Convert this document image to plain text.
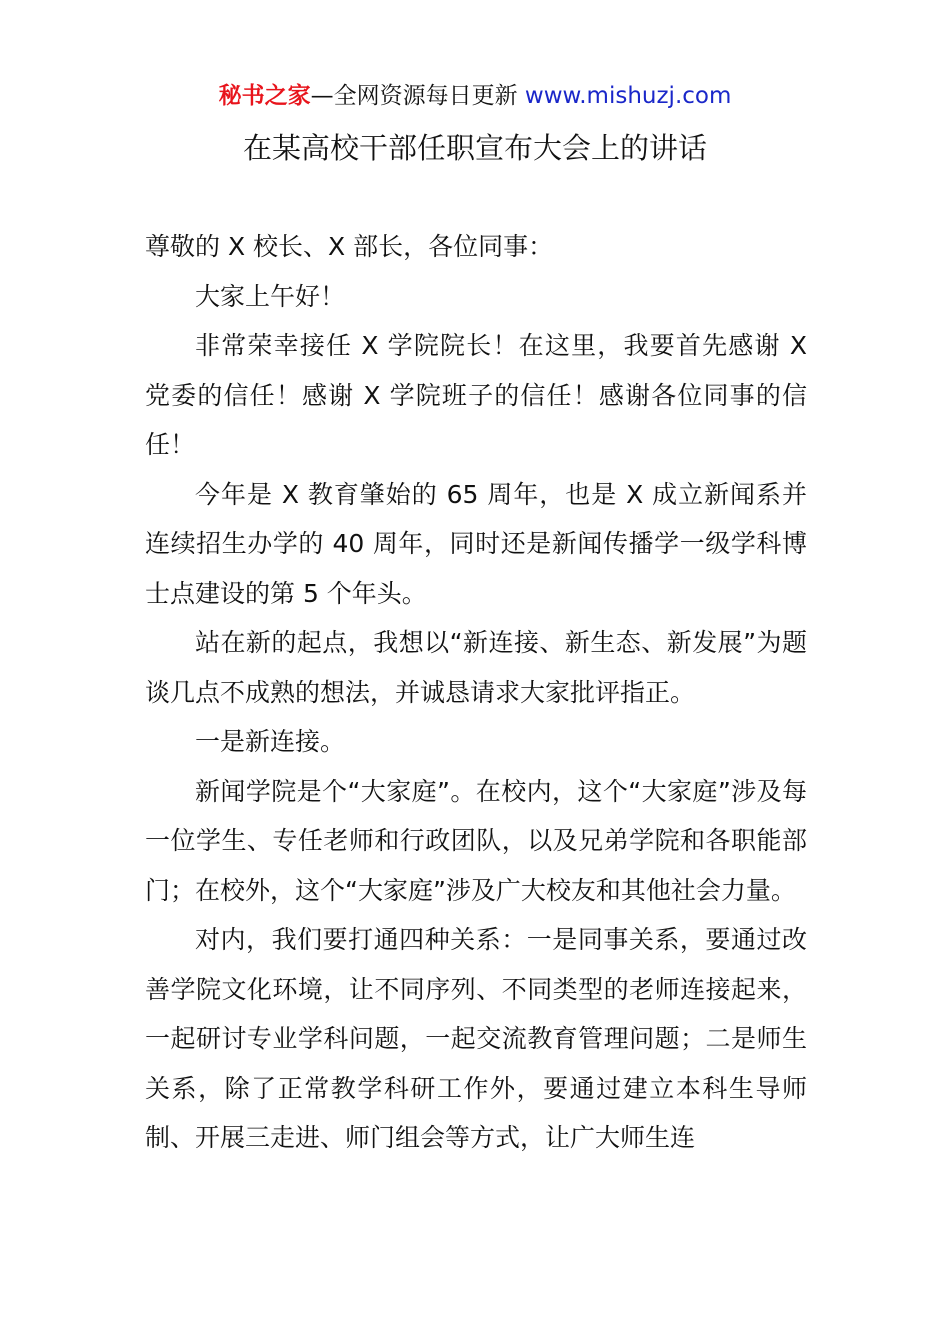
秘书之家—全网资源每日更新 www.mishuzj.com
在某高校干部任职宣布大会上的讲话

尊敬的 X 校长、X 部长，各位同事：

大家上午好！

非常荣幸接任 X 学院院长！在这里，我要首先感谢 X 党委的信任！感谢 X 学院班子的信任！感谢各位同事的信任！

今年是 X 教育肇始的 65 周年，也是 X 成立新闻系并连续招生办学的 40 周年，同时还是新闻传播学一级学科博士点建设的第 5 个年头。

站在新的起点，我想以“新连接、新生态、新发展”为题谈几点不成熟的想法，并诚恳请求大家批评指正。

一是新连接。

新闻学院是个“大家庭”。在校内，这个“大家庭”涉及每一位学生、专任老师和行政团队，以及兄弟学院和各职能部门；在校外，这个“大家庭”涉及广大校友和其他社会力量。

对内，我们要打通四种关系：一是同事关系，要通过改善学院文化环境，让不同序列、不同类型的老师连接起来，一起研讨专业学科问题，一起交流教育管理问题；二是师生关系，除了正常教学科研工作外，要通过建立本科生导师制、开展三走进、师门组会等方式，让广大师生连
